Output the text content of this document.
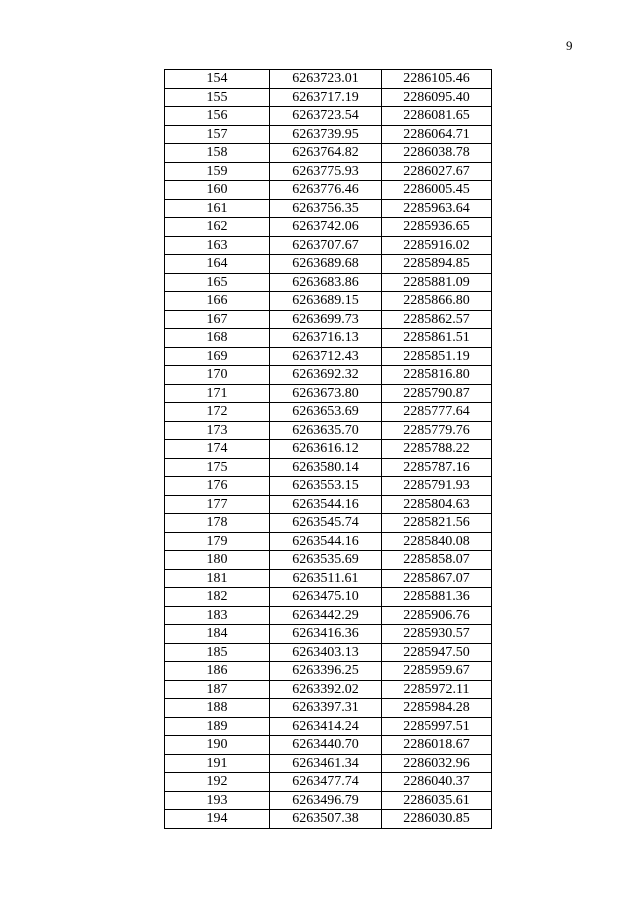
9
154	6263723.01	2286105.46
155	6263717.19	2286095.40
156	6263723.54	2286081.65
157	6263739.95	2286064.71
158	6263764.82	2286038.78
159	6263775.93	2286027.67
160	6263776.46	2286005.45
161	6263756.35	2285963.64
162	6263742.06	2285936.65
163	6263707.67	2285916.02
164	6263689.68	2285894.85
165	6263683.86	2285881.09
166	6263689.15	2285866.80
167	6263699.73	2285862.57
168	6263716.13	2285861.51
169	6263712.43	2285851.19
170	6263692.32	2285816.80
171	6263673.80	2285790.87
172	6263653.69	2285777.64
173	6263635.70	2285779.76
174	6263616.12	2285788.22
175	6263580.14	2285787.16
176	6263553.15	2285791.93
177	6263544.16	2285804.63
178	6263545.74	2285821.56
179	6263544.16	2285840.08
180	6263535.69	2285858.07
181	6263511.61	2285867.07
182	6263475.10	2285881.36
183	6263442.29	2285906.76
184	6263416.36	2285930.57
185	6263403.13	2285947.50
186	6263396.25	2285959.67
187	6263392.02	2285972.11
188	6263397.31	2285984.28
189	6263414.24	2285997.51
190	6263440.70	2286018.67
191	6263461.34	2286032.96
192	6263477.74	2286040.37
193	6263496.79	2286035.61
194	6263507.38	2286030.85
